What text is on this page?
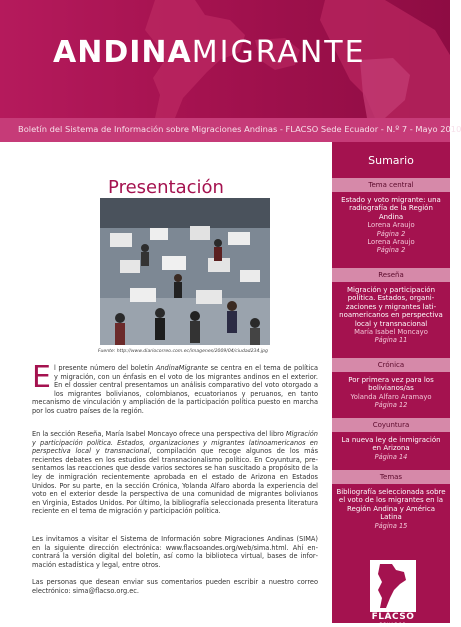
ANDINAMIGRANTE
Boletín del Sistema de Información sobre Migraciones Andinas - FLACSO Sede Ecuador - N.º 7 - Mayo 2010
Presentación
Fuente: http://www.diariocorreo.com.ec/imagenes/2009/04/ciudad234.jpg
El presente número del boletín AndinaMigrante se centra en el tema de política y migración, con un énfasis en el voto de los migrantes andinos en el exterior. En el dossier central presentamos un análisis comparativo del voto otorgado a los migrantes bolivianos, colombianos, ecuatorianos y peruanos, en tanto mecanismo de vinculación y ampliación de la participación política puesto en marcha por los cuatro países de la región.
En la sección Reseña, María Isabel Moncayo ofrece una perspectiva del libro Migración y participación política. Estados, organizaciones y migrantes latinoamericanos en perspectiva local y transnacional, compilación que recoge algunos de los más recientes debates en los estudios del transnacionalismo político. En Coyuntura, presentamos las reacciones que desde varios sectores se han suscitado a propósito de la ley de inmigración recientemente aprobada en el estado de Arizona en Estados Unidos. Por su parte, en la sección Crónica, Yolanda Alfaro aborda la experiencia del voto en el exterior desde la perspectiva de una comunidad de migrantes bolivianos en Virginia, Estados Unidos. Por último, la bibliografía seleccionada presenta literatura reciente en el tema de migración y participación política.
Les invitamos a visitar el Sistema de Información sobre Migraciones Andinas (SIMA) en la siguiente dirección electrónica: www.flacsoandes.org/web/sima.html. Ahí encontrará la versión digital del boletín, así como la biblioteca virtual, bases de información estadística y legal, entre otros.
Las personas que desean enviar sus comentarios pueden escribir a nuestro correo electrónico: sima@flacso.org.ec.
Sumario
Tema central
Estado y voto migrante: una radiografía de la Región Andina
Lorena Araujo
Página 2
Lorena Araujo
Página 2
Reseña
Migración y participación política. Estados, organizaciones y migrantes latinoamericanos en perspectiva local y transnacional
María Isabel Moncayo
Página 11
Crónica
Por primera vez para los bolivianos/as
Yolanda Alfaro Aramayo
Página 12
Coyuntura
La nueva ley de inmigración en Arizona
Página 14
Temas
Bibliografía seleccionada sobre el voto de los migrantes en la Región Andina y América Latina
Página 15
FLACSO
ECUADOR
